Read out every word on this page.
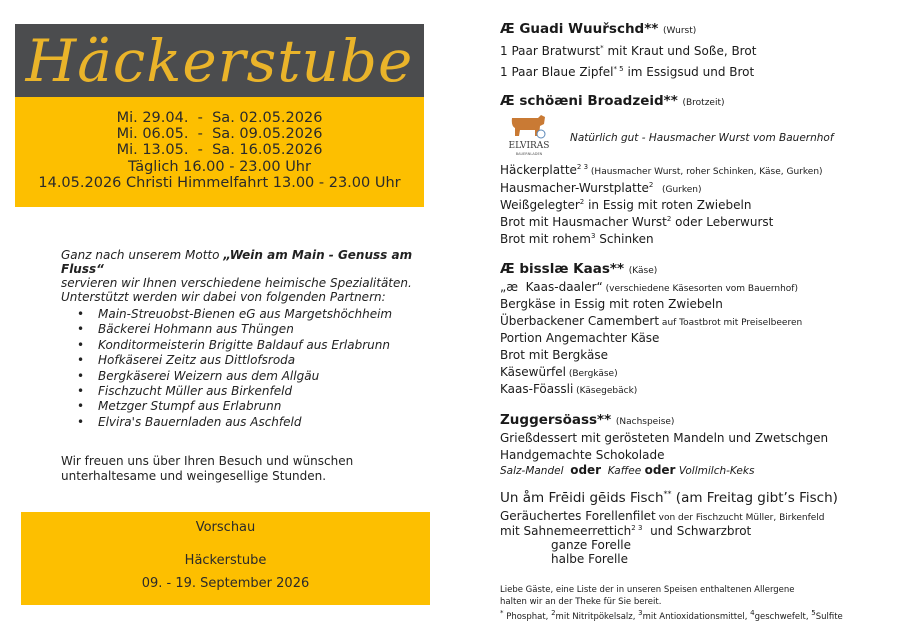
Häckerstube
Mi. 29.04.  -  Sa. 02.05.2026
Mi. 06.05.  -  Sa. 09.05.2026
Mi. 13.05.  -  Sa. 16.05.2026
Täglich 16.00 - 23.00 Uhr
14.05.2026 Christi Himmelfahrt 13.00 - 23.00 Uhr
Ganz nach unserem Motto „Wein am Main - Genuss am Fluss“
servieren wir Ihnen verschiedene heimische Spezialitäten.
Unterstützt werden wir dabei von folgenden Partnern:
• Main-Streuobst-Bienen eG aus Margetshöchheim
• Bäckerei Hohmann aus Thüngen
• Konditormeisterin Brigitte Baldauf aus Erlabrunn
• Hofkäserei Zeitz aus Dittlofsroda
• Bergkäserei Weizern aus dem Allgäu
• Fischzucht Müller aus Birkenfeld
• Metzger Stumpf aus Erlabrunn
• Elvira's Bauernladen aus Aschfeld
Wir freuen uns über Ihren Besuch und wünschen
unterhaltesame und weingesellige Stunden.
Vorschau
Häckerstube
09. - 19. September 2026
Æ Guadi Wuuřschd** (Wurst)
1 Paar Bratwurst* mit Kraut und Soße, Brot
1 Paar Blaue Zipfel$^{* 5}$ im Essigsud und Brot
Æ schöæni Broadzeid** (Brotzeit)
ELVIRAS
BAUERNLADEN
Natürlich gut - Hausmacher Wurst vom Bauernhof
Häckerplatte$^{2 3}$ (Hausmacher Wurst, roher Schinken, Käse, Gurken)
Hausmacher-Wurstplatte$^2$   (Gurken)
Weißgelegter$^2$ in Essig mit roten Zwiebeln
Brot mit Hausmacher Wurst$^2$ oder Leberwurst
Brot mit rohem$^3$ Schinken
Æ bisslæ Kaas** (Käse)
„æ  Kaas-daaler“ (verschiedene Käsesorten vom Bauernhof)
Bergkäse in Essig mit roten Zwiebeln
Überbackener Camembert auf Toastbrot mit Preiselbeeren
Portion Angemachter Käse
Brot mit Bergkäse
Käsewürfel (Bergkäse)
Kaas-Föassli (Käsegebäck)
Zuggersöass** (Nachspeise)
Grießdessert mit gerösteten Mandeln und Zwetschgen
Handgemachte Schokolade
Salz-Mandel oder Kaffee oder Vollmilch-Keks
Un åm Frēidi gēids Fisch** (am Freitag gibt’s Fisch)
Geräuchertes Forellenfilet von der Fischzucht Müller, Birkenfeld
mit Sahnemeerrettich$^{2 3}$  und Schwarzbrot
ganze Forelle
halbe Forelle
Liebe Gäste, eine Liste der in unseren Speisen enthaltenen Allergene
halten wir an der Theke für Sie bereit.
* Phosphat, $^2$mit Nitritpökelsalz, $^3$mit Antioxidationsmittel, $^4$geschwefelt, $^5$Sulfite
